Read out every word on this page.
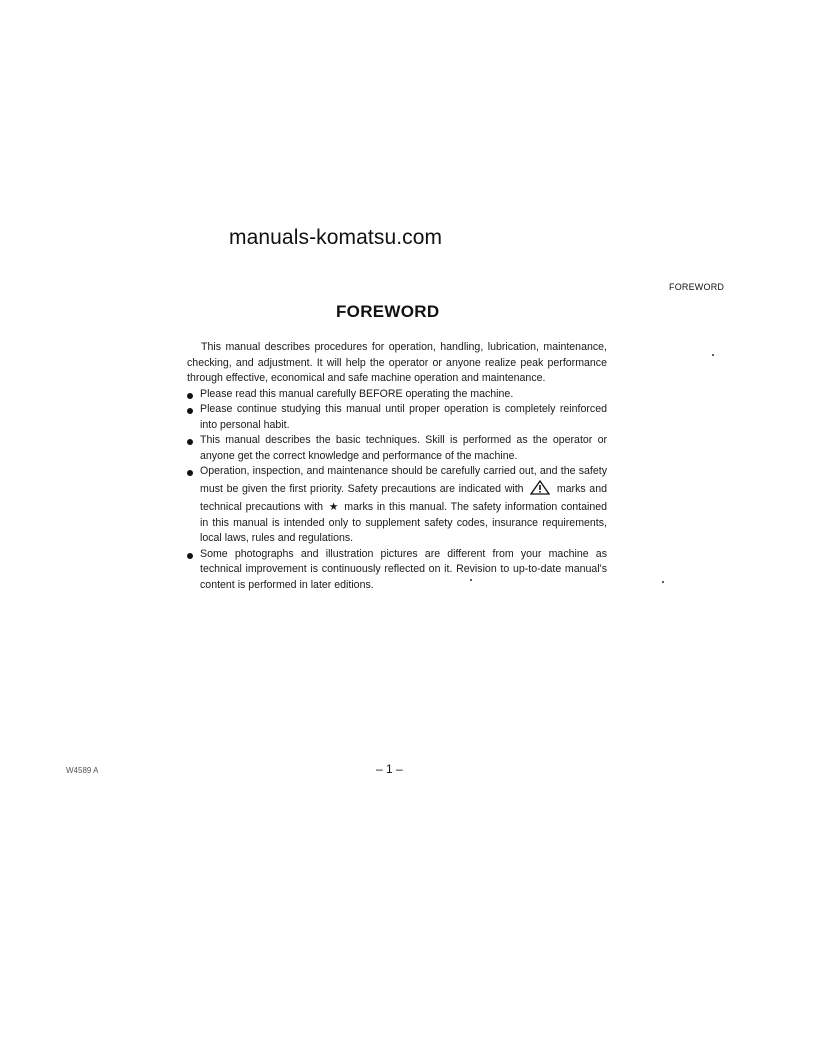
manuals-komatsu.com
FOREWORD
FOREWORD

This manual describes procedures for operation, handling, lubrication, maintenance, checking, and adjustment. It will help the operator or anyone realize peak performance through effective, economical and safe machine operation and maintenance.

Please read this manual carefully BEFORE operating the machine.
Please continue studying this manual until proper operation is completely reinforced into personal habit.
This manual describes the basic techniques. Skill is performed as the operator or anyone get the correct knowledge and performance of the machine.
Operation, inspection, and maintenance should be carefully carried out, and the safety must be given the first priority. Safety precautions are indicated with	marks and technical precautions with ★ marks in this manual. The safety information contained in this manual is intended only to supplement safety codes, insurance requirements, local laws, rules and regulations.
Some photographs and illustration pictures are different from your machine as technical improvement is continuously reflected on it. Revision to up-to-date manual's content is performed in later editions.
W4589 A	– 1 –
